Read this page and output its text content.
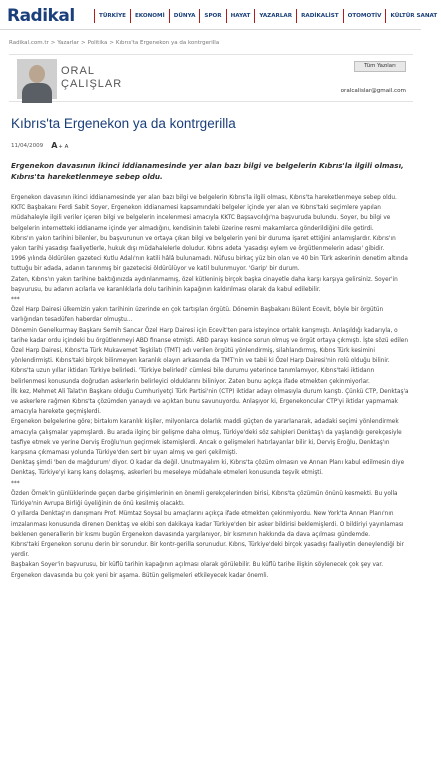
Radikal	TÜRKİYE	EKONOMİ	DÜNYA	SPOR	HAYAT	YAZARLAR	RADİKALİST	OTOMOTİV	KÜLTÜR SANAT
Radikal.com.tr > Yazarlar > Politika > Kıbrıs'ta Ergenekon ya da kontrgerilla
ORAL
ÇALIŞLAR
Tüm Yazıları
oralcalislar@gmail.com
Kıbrıs'ta Ergenekon ya da kontrgerilla
11/04/2009 A + A
Ergenekon davasının ikinci iddianamesinde yer alan bazı bilgi ve belgelerin Kıbrıs'la ilgili olması, Kıbrıs'ta hareketlenmeye sebep oldu.

Ergenekon davasının ikinci iddianamesinde yer alan bazı bilgi ve belgelerin Kıbrıs'la ilgili olması, Kıbrıs'ta hareketlenmeye sebep oldu. KKTC Başbakanı Ferdi Sabit Soyer, Ergenekon iddianamesi kapsamındaki belgeler içinde yer alan ve Kıbrıs'taki seçimlere yapılan müdahaleyle ilgili veriler içeren bilgi ve belgelerin incelenmesi amacıyla KKTC Başsavcılığı'na başvuruda bulundu. Soyer, bu bilgi ve belgelerin internetteki iddianame içinde yer almadığını, kendisinin talebi üzerine resmi makamlarca gönderildiğini dile getirdi.

Kıbrıs'ın yakın tarihini bilenler, bu başvurunun ve ortaya çıkan bilgi ve belgelerin yeni bir duruma işaret ettiğini anlamışlardır. Kıbrıs'ın yakın tarihi yasadışı faaliyetlerle, hukuk dışı müdahalelerle doludur. Kıbrıs adeta 'yasadışı eylem ve örgütlenmelerin adası' gibidir.

1996 yılında öldürülen gazeteci Kutlu Adalı'nın katili hâlâ bulunamadı. Nüfusu birkaç yüz bin olan ve 40 bin Türk askerinin denetim altında tuttuğu bir adada, adanın tanınmış bir gazetecisi öldürülüyor ve katil bulunmuyor. 'Garip' bir durum.

Zaten, Kıbrıs'ın yakın tarihine baktığınızda aydınlanmamış, özel kütleniniş birçok başka cinayetle daha karşı karşıya gelirsiniz. Soyer'in başvurusu, bu adanın acılarla ve karanlıklarla dolu tarihinin kapağının kaldırılması olarak da kabul edilebilir.

***

Özel Harp Dairesi ülkemizin yakın tarihinin üzerinde en çok tartışılan örgütü. Dönemin Başbakanı Bülent Ecevit, böyle bir örgütün varlığından tesadüfen haberdar olmuştu…

Dönemin Genelkurmay Başkanı Semih Sancar Özel Harp Dairesi için Ecevit'ten para isteyince ortalık karışmıştı. Anlaşıldığı kadarıyla, o tarihe kadar ordu içindeki bu örgütlenmeyi ABD finanse etmişti. ABD parayı kesince sorun olmuş ve örgüt ortaya çıkmıştı. İşte sözü edilen Özel Harp Dairesi, Kıbrıs'ta Türk Mukavemet Teşkilatı (TMT) adı verilen örgütü yönlendirmiş, silahlandırmış, Kıbrıs Türk kesimini yönlendirmişti. Kıbrıs'taki birçok bilinmeyen karanlık olayın arkasında da TMT'nin ve tabii ki Özel Harp Dairesi'nin rolü olduğu bilinir.

Kıbrıs'ta uzun yıllar iktidarı Türkiye belirledi. 'Türkiye belirledi' cümlesi bile durumu yeterince tanımlamıyor, Kıbrıs'taki iktidarın belirlenmesi konusunda doğrudan askerlerin belirleyici olduklarını biliniyor. Zaten bunu açıkça ifade etmekten çekinmiyorlar.

İlk kez, Mehmet Ali Talat'ın Başkanı olduğu Cumhuriyetçi Türk Partisi'nin (CTP) iktidar adayı olmasıyla durum karıştı. Çünkü CTP, Denktaş'a ve askerlere rağmen Kıbrıs'ta çözümden yanaydı ve açıktan bunu savunuyordu. Anlaşıyor ki, Ergenekoncular CTP'yi iktidar yapmamak amacıyla harekete geçmişlerdi.

Ergenekon belgelerine göre; birtakım karanlık kişiler, milyonlarca dolarlık maddi güçten de yararlanarak, adadaki seçimi yönlendirmek amacıyla çalışmalar yapmışlardı. Bu arada ilginç bir gelişme daha olmuş, Türkiye'deki söz sahipleri Denktaş'ı da yaşlandığı gerekçesiyle tasfiye etmek ve yerine Derviş Eroğlu'nun geçirmek istemişlerdi. Ancak o gelişmeleri hatırlayanlar bilir ki, Derviş Eroğlu, Denktaş'ın karşısına çıkmaması yolunda Türkiye'den sert bir uyarı almış ve geri çekilmişti.

Denktaş şimdi 'ben de mağdurum' diyor. O kadar da değil. Unutmayalım ki, Kıbrıs'ta çözüm olmasın ve Annan Planı kabul edilmesin diye Denktaş, Türkiye'yi karış karış dolaşmış, askerleri bu meseleye müdahale etmeleri konusunda teşvik etmişti.

***

Özden Örnek'in günlüklerinde geçen darbe girişimlerinin en önemli gerekçelerinden birisi, Kıbrıs'ta çözümün önünü kesmekti. Bu yolla Türkiye'nin Avrupa Birliği üyeliğinin de önü kesilmiş olacaktı.

O yıllarda Denktaş'ın danışmanı Prof. Mümtaz Soysal bu amaçlarını açıkça ifade etmekten çekinmiyordu. New York'ta Annan Planı'nın imzalanması konusunda direnen Denktaş ve ekibi son dakikaya kadar Türkiye'den bir asker bildirisi beklemişlerdi. O bildiriyi yayınlaması beklenen generallerin bir kısmı bugün Ergenekon davasında yargılanıyor, bir kısmının hakkında da dava açılması gündemde.

Kıbrıs'taki Ergenekon sorunu derin bir sorundur. Bir kontr-gerilla sorunudur. Kıbrıs, Türkiye'deki birçok yasadışı faaliyetin deneylendiği bir yerdir.

Başbakan Soyer'in başvurusu, bir küflü tarihin kapağının açılması olarak görülebilir. Bu küflü tarihe ilişkin söylenecek çok şey var.

Ergenekon davasında bu çok yeni bir aşama. Bütün gelişmeleri etkileyecek kadar önemli.
